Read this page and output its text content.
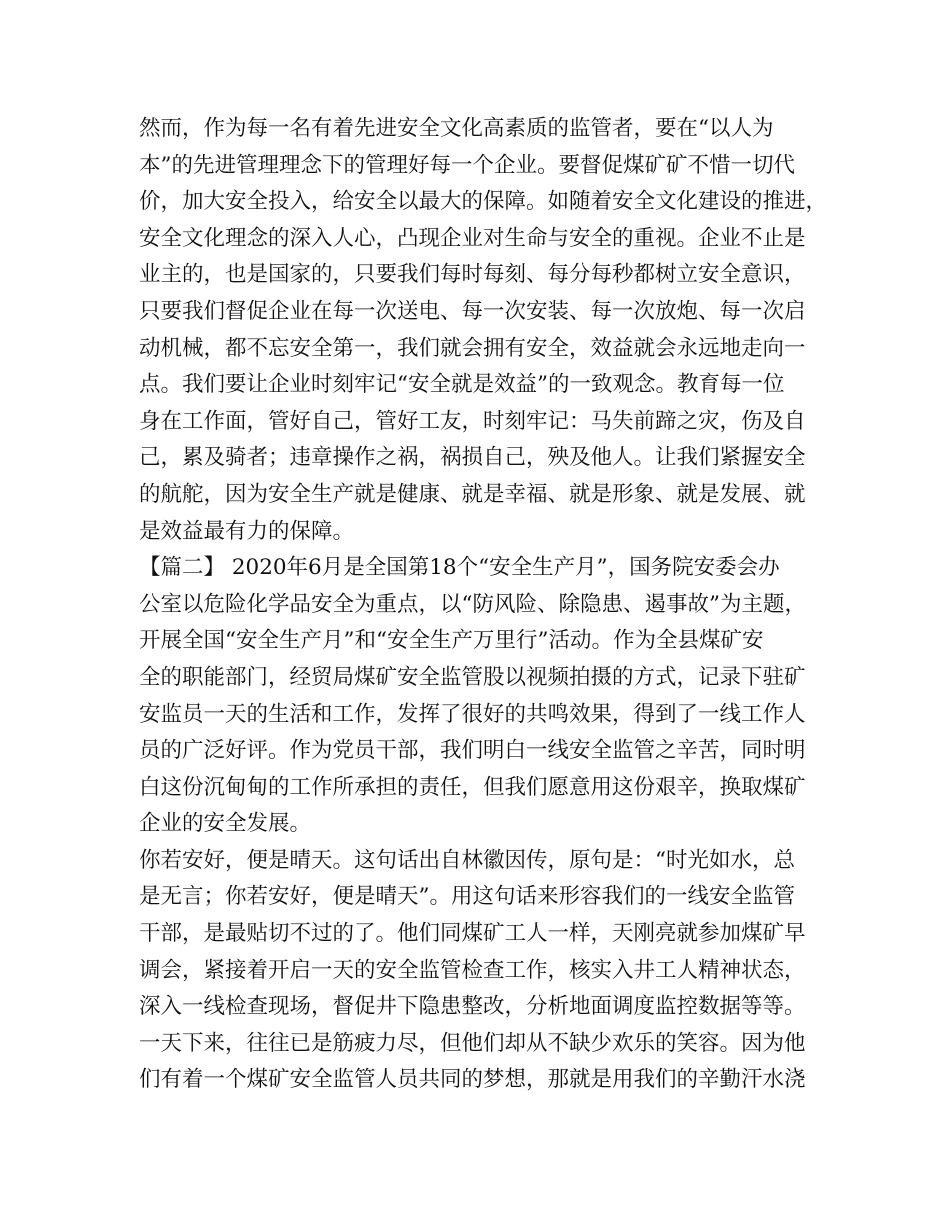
然而，作为每一名有着先进安全文化高素质的监管者，要在“以人为
本”的先进管理理念下的管理好每一个企业。要督促煤矿矿不惜一切代
价，加大安全投入，给安全以最大的保障。如随着安全文化建设的推进，
安全文化理念的深入人心，凸现企业对生命与安全的重视。企业不止是
业主的，也是国家的，只要我们每时每刻、每分每秒都树立安全意识，
只要我们督促企业在每一次送电、每一次安装、每一次放炮、每一次启
动机械，都不忘安全第一，我们就会拥有安全，效益就会永远地走向一
点。我们要让企业时刻牢记“安全就是效益”的一致观念。教育每一位
身在工作面，管好自己，管好工友，时刻牢记：马失前蹄之灾，伤及自
己，累及骑者；违章操作之祸，祸损自己，殃及他人。让我们紧握安全
的航舵，因为安全生产就是健康、就是幸福、就是形象、就是发展、就
是效益最有力的保障。
【篇二】 2020年6月是全国第18个“安全生产月”，国务院安委会办
公室以危险化学品安全为重点，以“防风险、除隐患、遏事故”为主题，
开展全国“安全生产月”和“安全生产万里行”活动。作为全县煤矿安
全的职能部门，经贸局煤矿安全监管股以视频拍摄的方式，记录下驻矿
安监员一天的生活和工作，发挥了很好的共鸣效果，得到了一线工作人
员的广泛好评。作为党员干部，我们明白一线安全监管之辛苦，同时明
白这份沉甸甸的工作所承担的责任，但我们愿意用这份艰辛，换取煤矿
企业的安全发展。
你若安好，便是晴天。这句话出自林徽因传，原句是：“时光如水，总
是无言；你若安好，便是晴天”。用这句话来形容我们的一线安全监管
干部，是最贴切不过的了。他们同煤矿工人一样，天刚亮就参加煤矿早
调会，紧接着开启一天的安全监管检查工作，核实入井工人精神状态，
深入一线检查现场，督促井下隐患整改，分析地面调度监控数据等等。
一天下来，往往已是筋疲力尽，但他们却从不缺少欢乐的笑容。因为他
们有着一个煤矿安全监管人员共同的梦想，那就是用我们的辛勤汗水浇
